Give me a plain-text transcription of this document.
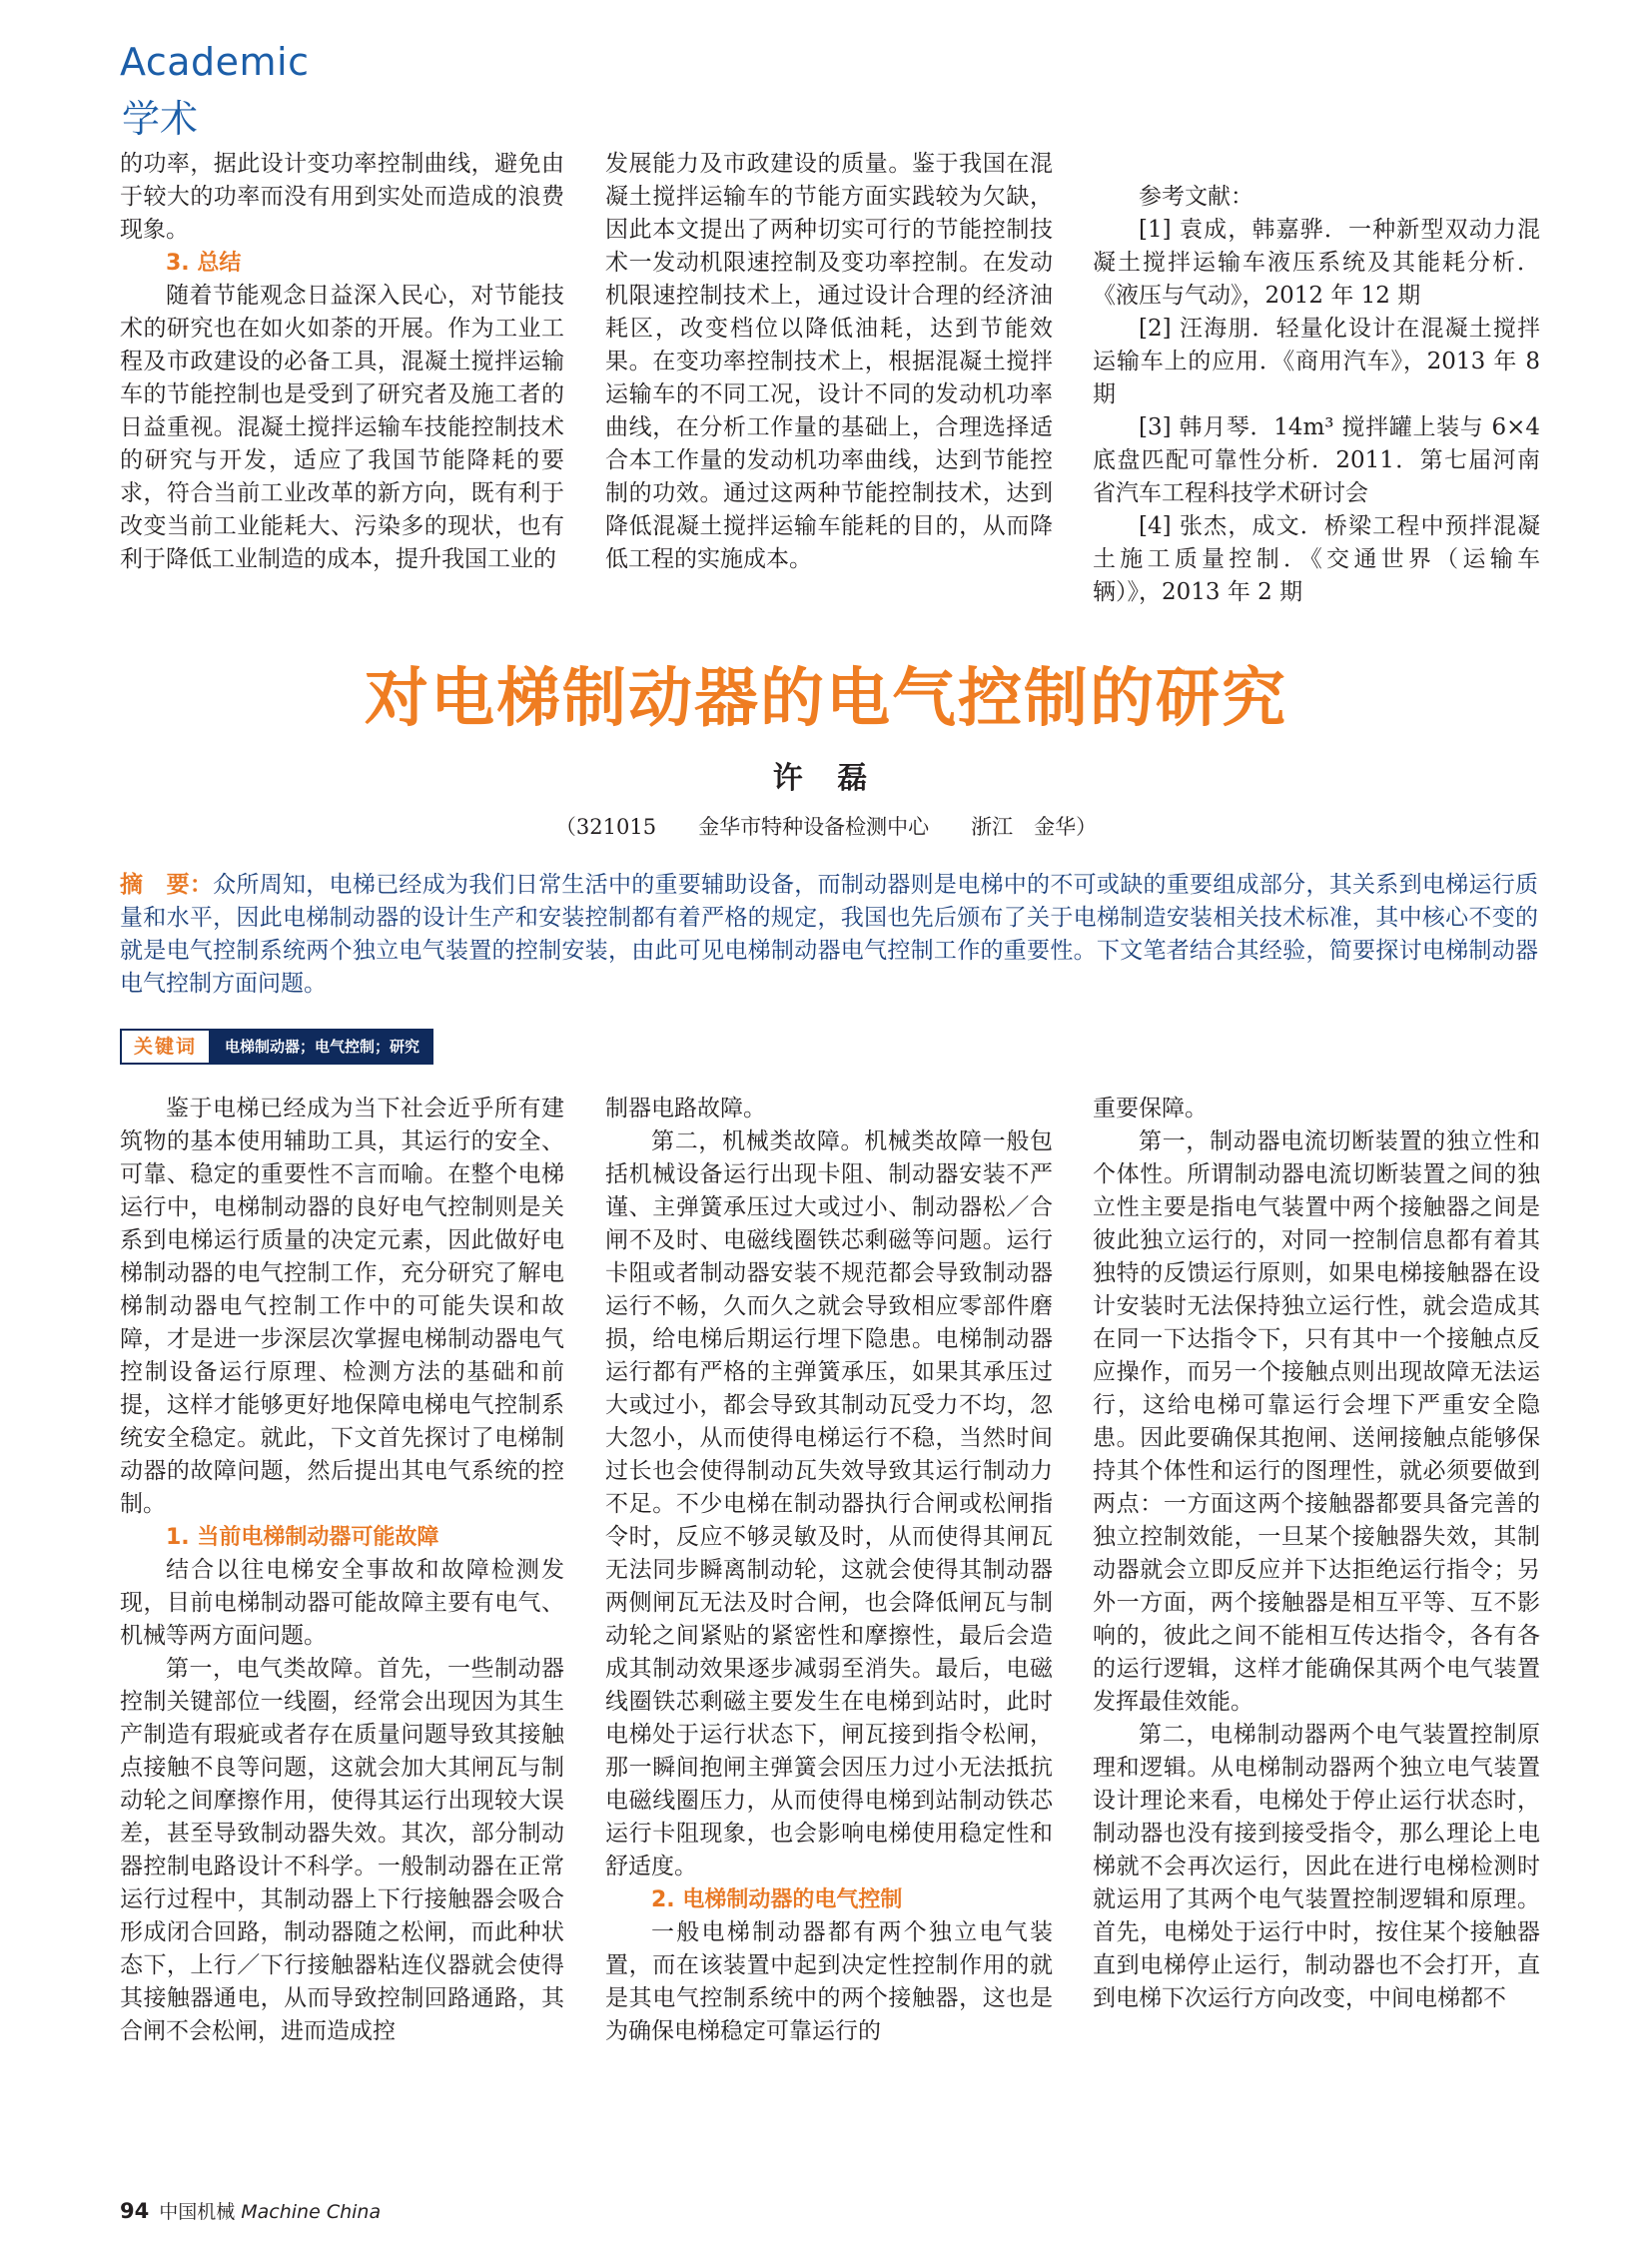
Academic
学术

的功率，据此设计变功率控制曲线，避免由于较大的功率而没有用到实处而造成的浪费现象。

3. 总结

随着节能观念日益深入民心，对节能技术的研究也在如火如荼的开展。作为工业工程及市政建设的必备工具，混凝土搅拌运输车的节能控制也是受到了研究者及施工者的日益重视。混凝土搅拌运输车技能控制技术的研究与开发，适应了我国节能降耗的要求，符合当前工业改革的新方向，既有利于改变当前工业能耗大、污染多的现状，也有利于降低工业制造的成本，提升我国工业的

发展能力及市政建设的质量。鉴于我国在混凝土搅拌运输车的节能方面实践较为欠缺，因此本文提出了两种切实可行的节能控制技术一发动机限速控制及变功率控制。在发动机限速控制技术上，通过设计合理的经济油耗区，改变档位以降低油耗，达到节能效果。在变功率控制技术上，根据混凝土搅拌运输车的不同工况，设计不同的发动机功率曲线，在分析工作量的基础上，合理选择适合本工作量的发动机功率曲线，达到节能控制的功效。通过这两种节能控制技术，达到降低混凝土搅拌运输车能耗的目的，从而降低工程的实施成本。

参考文献：

[1] 袁成，韩嘉骅．一种新型双动力混凝土搅拌运输车液压系统及其能耗分析．《液压与气动》，2012 年 12 期

[2] 汪海朋．轻量化设计在混凝土搅拌运输车上的应用．《商用汽车》，2013 年 8 期

[3] 韩月琴．14m³ 搅拌罐上装与 6×4 底盘匹配可靠性分析．2011．第七届河南省汽车工程科技学术研讨会

[4] 张杰，成文．桥梁工程中预拌混凝土施工质量控制．《交通世界（运输车辆）》，2013 年 2 期

对电梯制动器的电气控制的研究
许 磊
（321015　　金华市特种设备检测中心　　浙江　金华）
摘　要：众所周知，电梯已经成为我们日常生活中的重要辅助设备，而制动器则是电梯中的不可或缺的重要组成部分，其关系到电梯运行质量和水平，因此电梯制动器的设计生产和安装控制都有着严格的规定，我国也先后颁布了关于电梯制造安装相关技术标准，其中核心不变的就是电气控制系统两个独立电气装置的控制安装，由此可见电梯制动器电气控制工作的重要性。下文笔者结合其经验，简要探讨电梯制动器电气控制方面问题。
关键词	电梯制动器；电气控制；研究

鉴于电梯已经成为当下社会近乎所有建筑物的基本使用辅助工具，其运行的安全、可靠、稳定的重要性不言而喻。在整个电梯运行中，电梯制动器的良好电气控制则是关系到电梯运行质量的决定元素，因此做好电梯制动器的电气控制工作，充分研究了解电梯制动器电气控制工作中的可能失误和故障，才是进一步深层次掌握电梯制动器电气控制设备运行原理、检测方法的基础和前提，这样才能够更好地保障电梯电气控制系统安全稳定。就此，下文首先探讨了电梯制动器的故障问题，然后提出其电气系统的控制。

1. 当前电梯制动器可能故障

结合以往电梯安全事故和故障检测发现，目前电梯制动器可能故障主要有电气、机械等两方面问题。

第一，电气类故障。首先，一些制动器控制关键部位一线圈，经常会出现因为其生产制造有瑕疵或者存在质量问题导致其接触点接触不良等问题，这就会加大其闸瓦与制动轮之间摩擦作用，使得其运行出现较大误差，甚至导致制动器失效。其次，部分制动器控制电路设计不科学。一般制动器在正常运行过程中，其制动器上下行接触器会吸合形成闭合回路，制动器随之松闸，而此种状态下，上行／下行接触器粘连仪器就会使得其接触器通电，从而导致控制回路通路，其合闸不会松闸，进而造成控

制器电路故障。

第二，机械类故障。机械类故障一般包括机械设备运行出现卡阻、制动器安装不严谨、主弹簧承压过大或过小、制动器松／合闸不及时、电磁线圈铁芯剩磁等问题。运行卡阻或者制动器安装不规范都会导致制动器运行不畅，久而久之就会导致相应零部件磨损，给电梯后期运行埋下隐患。电梯制动器运行都有严格的主弹簧承压，如果其承压过大或过小，都会导致其制动瓦受力不均，忽大忽小，从而使得电梯运行不稳，当然时间过长也会使得制动瓦失效导致其运行制动力不足。不少电梯在制动器执行合闸或松闸指令时，反应不够灵敏及时，从而使得其闸瓦无法同步瞬离制动轮，这就会使得其制动器两侧闸瓦无法及时合闸，也会降低闸瓦与制动轮之间紧贴的紧密性和摩擦性，最后会造成其制动效果逐步减弱至消失。最后，电磁线圈铁芯剩磁主要发生在电梯到站时，此时电梯处于运行状态下，闸瓦接到指令松闸，那一瞬间抱闸主弹簧会因压力过小无法抵抗电磁线圈压力，从而使得电梯到站制动铁芯运行卡阻现象，也会影响电梯使用稳定性和舒适度。

2. 电梯制动器的电气控制

一般电梯制动器都有两个独立电气装置，而在该装置中起到决定性控制作用的就是其电气控制系统中的两个接触器，这也是为确保电梯稳定可靠运行的

重要保障。

第一，制动器电流切断装置的独立性和个体性。所谓制动器电流切断装置之间的独立性主要是指电气装置中两个接触器之间是彼此独立运行的，对同一控制信息都有着其独特的反馈运行原则，如果电梯接触器在设计安装时无法保持独立运行性，就会造成其在同一下达指令下，只有其中一个接触点反应操作，而另一个接触点则出现故障无法运行，这给电梯可靠运行会埋下严重安全隐患。因此要确保其抱闸、送闸接触点能够保持其个体性和运行的图理性，就必须要做到两点：一方面这两个接触器都要具备完善的独立控制效能，一旦某个接触器失效，其制动器就会立即反应并下达拒绝运行指令；另外一方面，两个接触器是相互平等、互不影响的，彼此之间不能相互传达指令，各有各的运行逻辑，这样才能确保其两个电气装置发挥最佳效能。

第二，电梯制动器两个电气装置控制原理和逻辑。从电梯制动器两个独立电气装置设计理论来看，电梯处于停止运行状态时，制动器也没有接到接受指令，那么理论上电梯就不会再次运行，因此在进行电梯检测时就运用了其两个电气装置控制逻辑和原理。首先，电梯处于运行中时，按住某个接触器直到电梯停止运行，制动器也不会打开，直到电梯下次运行方向改变，中间电梯都不

94 中国机械 Machine China
